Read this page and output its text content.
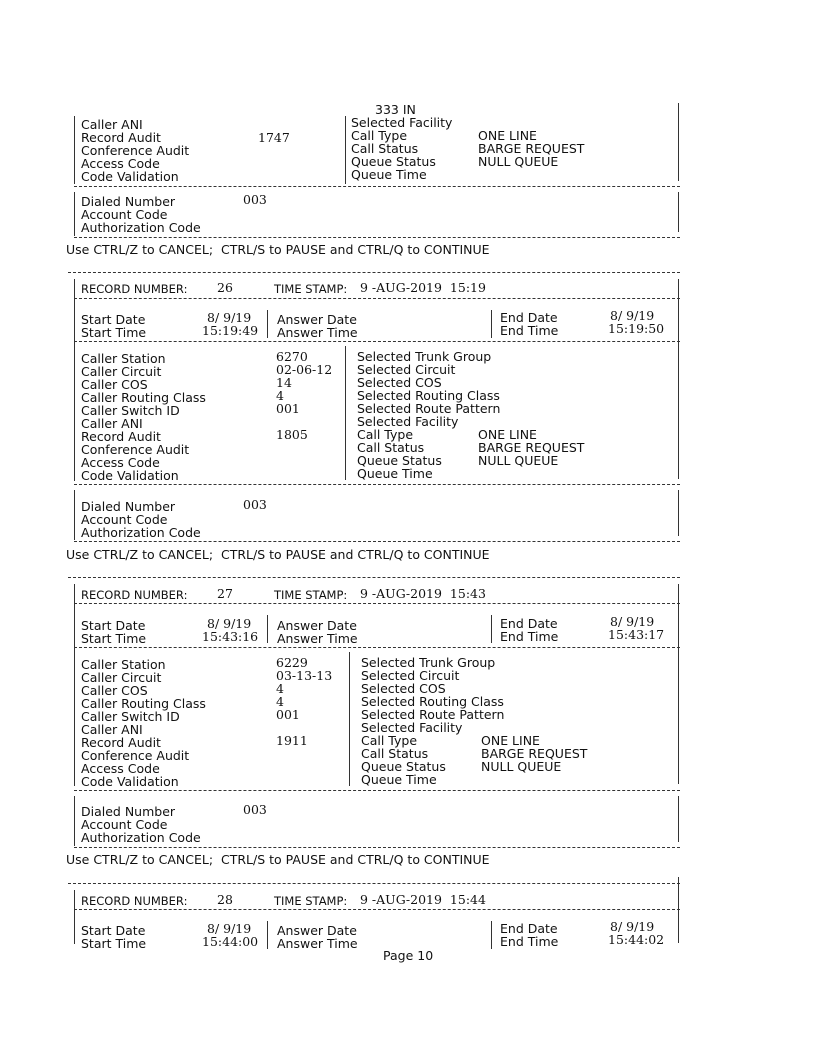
333 IN
Caller ANI
Record Audit	1747
Conference Audit
Access Code
Code Validation
Selected Facility
Call Type	ONE LINE
Call Status	BARGE REQUEST
Queue Status	NULL QUEUE
Queue Time
Dialed Number	003
Account Code
Authorization Code
Use CTRL/Z to CANCEL;  CTRL/S to PAUSE and CTRL/Q to CONTINUE
RECORD NUMBER: 26	TIME STAMP: 9 -AUG-2019  15:19
Start Date	8/ 9/19
Start Time	15:19:49
Answer Date
Answer Time
End Date	8/ 9/19
End Time	15:19:50
Caller Station	6270
Caller Circuit	02-06-12
Caller COS	14
Caller Routing Class	4
Caller Switch ID	001
Caller ANI
Record Audit	1805
Conference Audit
Access Code
Code Validation
Selected Trunk Group
Selected Circuit
Selected COS
Selected Routing Class
Selected Route Pattern
Selected Facility
Call Type	ONE LINE
Call Status	BARGE REQUEST
Queue Status	NULL QUEUE
Queue Time
Dialed Number	003
Account Code
Authorization Code
Use CTRL/Z to CANCEL;  CTRL/S to PAUSE and CTRL/Q to CONTINUE
RECORD NUMBER: 27	TIME STAMP: 9 -AUG-2019  15:43
Start Date	8/ 9/19
Start Time	15:43:16
Answer Date
Answer Time
End Date	8/ 9/19
End Time	15:43:17
Caller Station	6229
Caller Circuit	03-13-13
Caller COS	4
Caller Routing Class	4
Caller Switch ID	001
Caller ANI
Record Audit	1911
Conference Audit
Access Code
Code Validation
Selected Trunk Group
Selected Circuit
Selected COS
Selected Routing Class
Selected Route Pattern
Selected Facility
Call Type	ONE LINE
Call Status	BARGE REQUEST
Queue Status	NULL QUEUE
Queue Time
Dialed Number	003
Account Code
Authorization Code
Use CTRL/Z to CANCEL;  CTRL/S to PAUSE and CTRL/Q to CONTINUE
RECORD NUMBER: 28	TIME STAMP: 9 -AUG-2019  15:44
Start Date	8/ 9/19
Start Time	15:44:00
Answer Date
Answer Time
End Date	8/ 9/19
End Time	15:44:02
Page 10
